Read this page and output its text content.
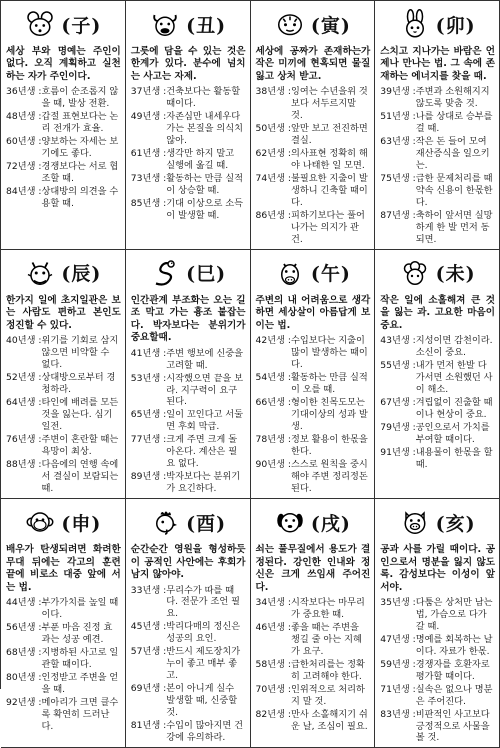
(子)
세상 부와 명예는 주인이 없다. 오직 계획하고 실천하는 자가 주인이다.
36년생 : 흐름이 순조롭지 않을 때, 발상 전환.
48년생 : 갑절 표현보다는 논리 전개가 효율.
60년생 : 양보하는 자세는 보기에도 좋다.
72년생 : 경쟁보다는 서로 협조할 때.
84년생 : 상대방의 의견을 수용할 때.
(丑)
그릇에 담을 수 있는 것은 한계가 있다. 분수에 넘치는 사고는 자제.
37년생 : 건축보다는 활동할 때이다.
49년생 : 자존심만 내세우다가는 본질을 의식치 않아.
61년생 : 생각만 하지 말고 실행에 옮길 때.
73년생 : 활동하는 만큼 실적이 상승할 때.
85년생 : 기대 이상으로 소득이 발생할 때.
(寅)
세상에 공짜가 존재하는가 작은 미끼에 현혹되면 물질 잃고 상처 받고.
38년생 : 잉여는 수년을위 것 보다 서두르지말 것.
50년생 : 앞만 보고 전진하면 결실.
62년생 : 의사표현 정확히 해야 나태한 일 모면.
74년생 : 불필요한 지출이 발생하니 긴축할 때이다.
86년생 : 피하기보다는 풀어나가는 의지가 관건.
(卯)
스치고 지나가는 바람은 언제나 만나는 법. 그 속에 존재하는 에너지를 찾을 때.
39년생 : 주변과 소원해지지 않도록 맞춤 것.
51년생 : 나를 상대로 승부를 걸 때.
63년생 : 작은 돈 들어 모여 재산증식을 일으키는.
75년생 : 급한 문제처리를 때 약속 신용이 한몫한다.
87년생 : 축하이 앞서면 실망하게 한 발 먼저 동되면.
(辰)
한가지 일에 초지일관은 보는 사람도 편하고 본인도 정진할 수 있다.
40년생 : 위기를 기회로 삼지 않으면 비약할 수 없다.
52년생 : 상대방으로부터 경청하라.
64년생 : 타인에 배려를 모든 것을 잃는다. 심기일전.
76년생 : 주변이 혼란할 때는 욕망이 최상.
88년생 : 다음에의 연행 속에서 결실이 보람되는 때.
(巳)
인간관계 부조화는 오는 길조 막고 가는 흉조 붙잡는다. 박자보다는 분위기가 중요할때.
41년생 : 주변 행보에 신중을 고려할 때.
53년생 : 시작했으면 끝을 보라. 지구력이 요구된다.
65년생 : 일이 꼬인다고 서둘면 후회 막급.
77년생 : 크게 주면 크게 돌아온다. 계산은 필요 없다.
89년생 : 박자보다는 분위기가 요긴하다.
(午)
주변의 내 어려움으로 생각하면 세상살이 아름답게 보이는 법.
42년생 : 수입보다는 지출이 많이 발생하는 때이다.
54년생 : 활동하는 만큼 실적이 오를 때.
66년생 : 형이한 친목도모는 기대이상의 성과 발생.
78년생 : 정보 활용이 한몫을 한다.
90년생 : 스스로 원칙을 중시해야 주변 정리정돈된다.
(未)
작은 일에 소홀해져 큰 것을 잃는 과. 고요한 마음이 중요.
43년생 : 지성이면 감천이라. 소신이 중요.
55년생 : 내가 먼저 한발 다가서면 소원했던 사이 해소.
67년생 : 겨립없이 진출할 때이나 현상이 중요.
79년생 : 공인으로서 가치를 부여할 때이다.
91년생 : 내용물이 한몫을 할 때.
(申)
배우가 탄생되려면 화려한 무대 뒤에는 각고의 훈련 끝에 비로소 대중 앞에 서는 법.
44년생 : 부가가치를 높일 때이다.
56년생 : 부푼 마음 진정 효과는 성공 예견.
68년생 : 지병하된 사고로 일관할 때이다.
80년생 : 인정받고 주변을 얻을 때.
92년생 : 메아리가 크면 클수록 확연히 드러난다.
(酉)
순간순간 영원을 형성하듯이 공적인 사안에는 후회가 남지 않아야.
33년생 : 무리수가 따를 때다. 전문가 조언 필요.
45년생 : 박리다매의 정신은 성공의 요인.
57년생 : 반드시 제도장치가 누이 좋고 매부 좋고.
69년생 : 본이 아니게 실수 발생할 때, 신중할 것.
81년생 : 수입이 많아지면 건강에 유의하라.
(戌)
쇠는 풀무질에서 용도가 결정된다. 강인한 인내와 정신은 크게 쓰임새 주어진다.
34년생 : 시작보다는 마무리가 중요한 때.
46년생 : 좋을 때는 주변을 챙길 줄 아는 지혜가 요구.
58년생 : 급한처리를는 정확히 고려해야 한다.
70년생 : 인위적으로 처리하지 말 것.
82년생 : 만사 소홀해지기 쉬운 날, 조심이 필요.
(亥)
공과 사를 가릴 때이다. 공인으로서 명분을 잃지 않도록. 감성보다는 이성이 앞서야.
35년생 : 다툼은 상처만 남는 법, 가슴으로 다가갈 때.
47년생 : 명예를 회복하는 날이다. 자료가 한몫.
59년생 : 경쟁자를 호환자로 평가할 때이다.
71년생 : 실속은 없으나 명분은 주어진다.
83년생 : 비판적인 사고보다 긍정적으로 사물을 볼 것.
